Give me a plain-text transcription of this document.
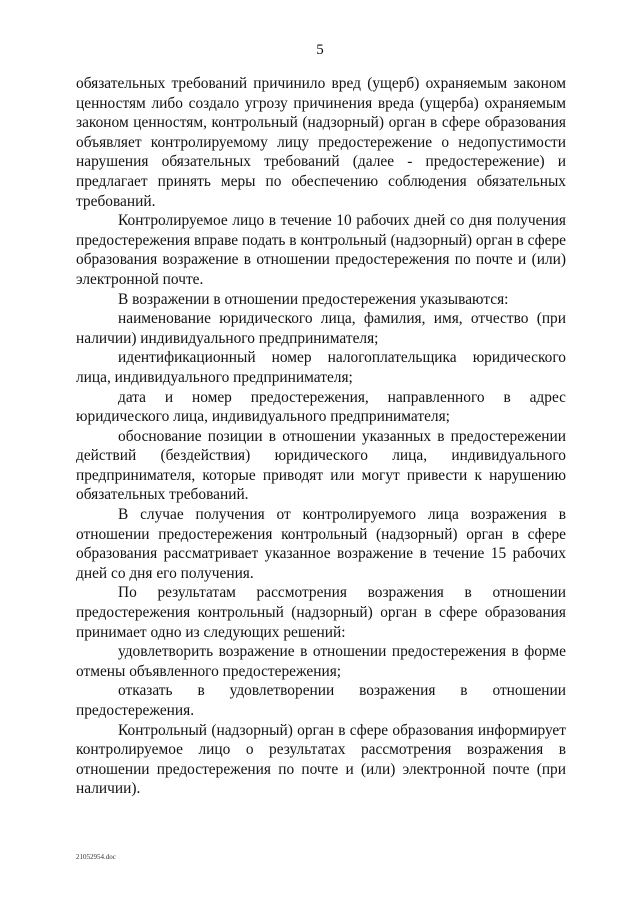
5

обязательных требований причинило вред (ущерб) охраняемым законом ценностям либо создало угрозу причинения вреда (ущерба) охраняемым законом ценностям, контрольный (надзорный) орган в сфере образования объявляет контролируемому лицу предостережение о недопустимости нарушения обязательных требований (далее - предостережение) и предлагает принять меры по обеспечению соблюдения обязательных требований.

Контролируемое лицо в течение 10 рабочих дней со дня получения предостережения вправе подать в контрольный (надзорный) орган в сфере образования возражение в отношении предостережения по почте и (или) электронной почте.

В возражении в отношении предостережения указываются:

наименование юридического лица, фамилия, имя, отчество (при наличии) индивидуального предпринимателя;

идентификационный номер налогоплательщика юридического лица, индивидуального предпринимателя;

дата и номер предостережения, направленного в адрес юридического лица, индивидуального предпринимателя;

обоснование позиции в отношении указанных в предостережении действий (бездействия) юридического лица, индивидуального предпринимателя, которые приводят или могут привести к нарушению обязательных требований.

В случае получения от контролируемого лица возражения в отношении предостережения контрольный (надзорный) орган в сфере образования рассматривает указанное возражение в течение 15 рабочих дней со дня его получения.

По результатам рассмотрения возражения в отношении предостережения контрольный (надзорный) орган в сфере образования принимает одно из следующих решений:

удовлетворить возражение в отношении предостережения в форме отмены объявленного предостережения;

отказать в удовлетворении возражения в отношении предостережения.

Контрольный (надзорный) орган в сфере образования информирует контролируемое лицо о результатах рассмотрения возражения в отношении предостережения по почте и (или) электронной почте (при наличии).

21052954.doc
